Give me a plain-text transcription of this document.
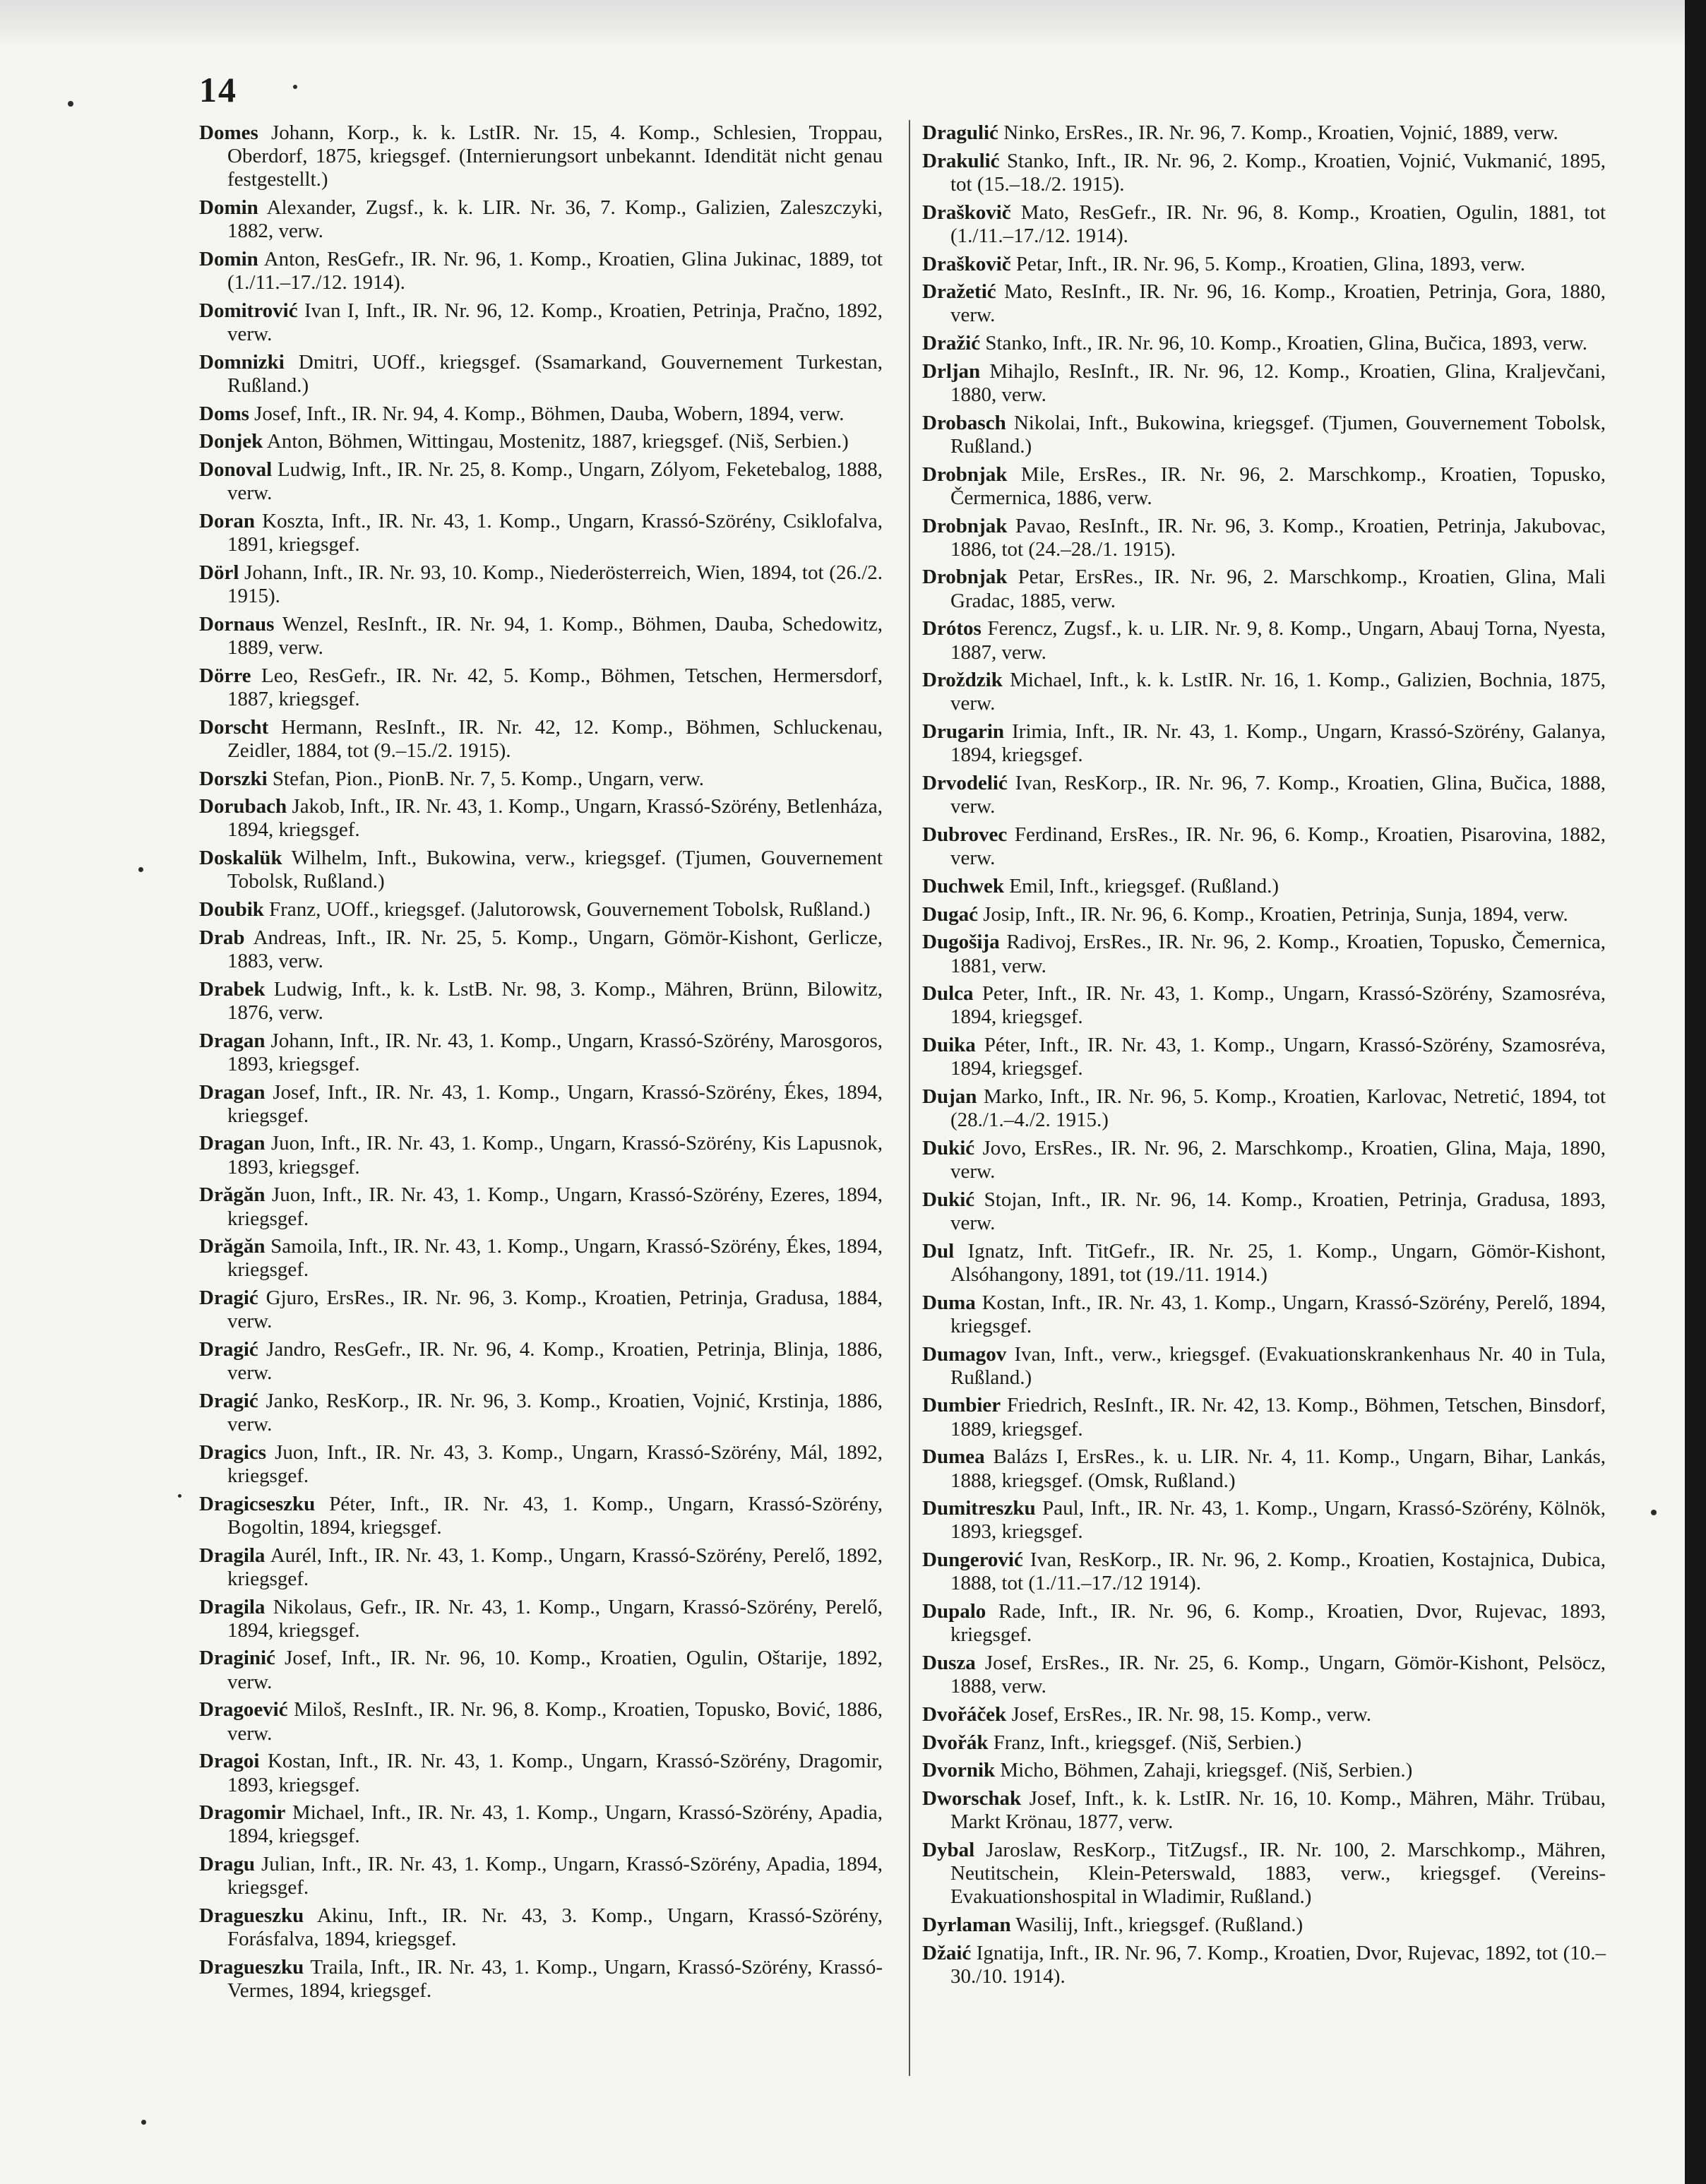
14
Domes Johann, Korp., k. k. LstIR. Nr. 15, 4. Komp., Schlesien, Troppau, Oberdorf, 1875, kriegsgef. (Internierungsort unbekannt. Idendität nicht genau festgestellt.)
Domin Alexander, Zugsf., k. k. LIR. Nr. 36, 7. Komp., Galizien, Zaleszczyki, 1882, verw.
Domin Anton, ResGefr., IR. Nr. 96, 1. Komp., Kroatien, Glina Jukinac, 1889, tot (1./11.–17./12. 1914).
Domitrović Ivan I, Inft., IR. Nr. 96, 12. Komp., Kroatien, Petrinja, Pračno, 1892, verw.
Domnizki Dmitri, UOff., kriegsgef. (Ssamarkand, Gouvernement Turkestan, Rußland.)
Doms Josef, Inft., IR. Nr. 94, 4. Komp., Böhmen, Dauba, Wobern, 1894, verw.
Donjek Anton, Böhmen, Wittingau, Mostenitz, 1887, kriegsgef. (Niš, Serbien.)
Donoval Ludwig, Inft., IR. Nr. 25, 8. Komp., Ungarn, Zólyom, Feketebalog, 1888, verw.
Doran Koszta, Inft., IR. Nr. 43, 1. Komp., Ungarn, Krassó-Szörény, Csiklofalva, 1891, kriegsgef.
Dörl Johann, Inft., IR. Nr. 93, 10. Komp., Niederösterreich, Wien, 1894, tot (26./2. 1915).
Dornaus Wenzel, ResInft., IR. Nr. 94, 1. Komp., Böhmen, Dauba, Schedowitz, 1889, verw.
Dörre Leo, ResGefr., IR. Nr. 42, 5. Komp., Böhmen, Tetschen, Hermersdorf, 1887, kriegsgef.
Dorscht Hermann, ResInft., IR. Nr. 42, 12. Komp., Böhmen, Schluckenau, Zeidler, 1884, tot (9.–15./2. 1915).
Dorszki Stefan, Pion., PionB. Nr. 7, 5. Komp., Ungarn, verw.
Dorubach Jakob, Inft., IR. Nr. 43, 1. Komp., Ungarn, Krassó-Szörény, Betlenháza, 1894, kriegsgef.
Doskalük Wilhelm, Inft., Bukowina, verw., kriegsgef. (Tjumen, Gouvernement Tobolsk, Rußland.)
Doubik Franz, UOff., kriegsgef. (Jalutorowsk, Gouvernement Tobolsk, Rußland.)
Drab Andreas, Inft., IR. Nr. 25, 5. Komp., Ungarn, Gömör-Kishont, Gerlicze, 1883, verw.
Drabek Ludwig, Inft., k. k. LstB. Nr. 98, 3. Komp., Mähren, Brünn, Bilowitz, 1876, verw.
Dragan Johann, Inft., IR. Nr. 43, 1. Komp., Ungarn, Krassó-Szörény, Marosgoros, 1893, kriegsgef.
Dragan Josef, Inft., IR. Nr. 43, 1. Komp., Ungarn, Krassó-Szörény, Ékes, 1894, kriegsgef.
Dragan Juon, Inft., IR. Nr. 43, 1. Komp., Ungarn, Krassó-Szörény, Kis Lapusnok, 1893, kriegsgef.
Drăgăn Juon, Inft., IR. Nr. 43, 1. Komp., Ungarn, Krassó-Szörény, Ezeres, 1894, kriegsgef.
Drăgăn Samoila, Inft., IR. Nr. 43, 1. Komp., Ungarn, Krassó-Szörény, Ékes, 1894, kriegsgef.
Dragić Gjuro, ErsRes., IR. Nr. 96, 3. Komp., Kroatien, Petrinja, Gradusa, 1884, verw.
Dragić Jandro, ResGefr., IR. Nr. 96, 4. Komp., Kroatien, Petrinja, Blinja, 1886, verw.
Dragić Janko, ResKorp., IR. Nr. 96, 3. Komp., Kroatien, Vojnić, Krstinja, 1886, verw.
Dragics Juon, Inft., IR. Nr. 43, 3. Komp., Ungarn, Krassó-Szörény, Mál, 1892, kriegsgef.
Dragicseszku Péter, Inft., IR. Nr. 43, 1. Komp., Ungarn, Krassó-Szörény, Bogoltin, 1894, kriegsgef.
Dragila Aurél, Inft., IR. Nr. 43, 1. Komp., Ungarn, Krassó-Szörény, Perelő, 1892, kriegsgef.
Dragila Nikolaus, Gefr., IR. Nr. 43, 1. Komp., Ungarn, Krassó-Szörény, Perelő, 1894, kriegsgef.
Draginić Josef, Inft., IR. Nr. 96, 10. Komp., Kroatien, Ogulin, Oštarije, 1892, verw.
Dragoević Miloš, ResInft., IR. Nr. 96, 8. Komp., Kroatien, Topusko, Bović, 1886, verw.
Dragoi Kostan, Inft., IR. Nr. 43, 1. Komp., Ungarn, Krassó-Szörény, Dragomir, 1893, kriegsgef.
Dragomir Michael, Inft., IR. Nr. 43, 1. Komp., Ungarn, Krassó-Szörény, Apadia, 1894, kriegsgef.
Dragu Julian, Inft., IR. Nr. 43, 1. Komp., Ungarn, Krassó-Szörény, Apadia, 1894, kriegsgef.
Dragueszku Akinu, Inft., IR. Nr. 43, 3. Komp., Ungarn, Krassó-Szörény, Forásfalva, 1894, kriegsgef.
Dragueszku Traila, Inft., IR. Nr. 43, 1. Komp., Ungarn, Krassó-Szörény, Krassó-Vermes, 1894, kriegsgef.
Dragulić Ninko, ErsRes., IR. Nr. 96, 7. Komp., Kroatien, Vojnić, 1889, verw.
Drakulić Stanko, Inft., IR. Nr. 96, 2. Komp., Kroatien, Vojnić, Vukmanić, 1895, tot (15.–18./2. 1915).
Draškovič Mato, ResGefr., IR. Nr. 96, 8. Komp., Kroatien, Ogulin, 1881, tot (1./11.–17./12. 1914).
Draškovič Petar, Inft., IR. Nr. 96, 5. Komp., Kroatien, Glina, 1893, verw.
Dražetić Mato, ResInft., IR. Nr. 96, 16. Komp., Kroatien, Petrinja, Gora, 1880, verw.
Dražić Stanko, Inft., IR. Nr. 96, 10. Komp., Kroatien, Glina, Bučica, 1893, verw.
Drljan Mihajlo, ResInft., IR. Nr. 96, 12. Komp., Kroatien, Glina, Kraljevčani, 1880, verw.
Drobasch Nikolai, Inft., Bukowina, kriegsgef. (Tjumen, Gouvernement Tobolsk, Rußland.)
Drobnjak Mile, ErsRes., IR. Nr. 96, 2. Marschkomp., Kroatien, Topusko, Čermernica, 1886, verw.
Drobnjak Pavao, ResInft., IR. Nr. 96, 3. Komp., Kroatien, Petrinja, Jakubovac, 1886, tot (24.–28./1. 1915).
Drobnjak Petar, ErsRes., IR. Nr. 96, 2. Marschkomp., Kroatien, Glina, Mali Gradac, 1885, verw.
Drótos Ferencz, Zugsf., k. u. LIR. Nr. 9, 8. Komp., Ungarn, Abauj Torna, Nyesta, 1887, verw.
Droždzik Michael, Inft., k. k. LstIR. Nr. 16, 1. Komp., Galizien, Bochnia, 1875, verw.
Drugarin Irimia, Inft., IR. Nr. 43, 1. Komp., Ungarn, Krassó-Szörény, Galanya, 1894, kriegsgef.
Drvodelić Ivan, ResKorp., IR. Nr. 96, 7. Komp., Kroatien, Glina, Bučica, 1888, verw.
Dubrovec Ferdinand, ErsRes., IR. Nr. 96, 6. Komp., Kroatien, Pisarovina, 1882, verw.
Duchwek Emil, Inft., kriegsgef. (Rußland.)
Dugać Josip, Inft., IR. Nr. 96, 6. Komp., Kroatien, Petrinja, Sunja, 1894, verw.
Dugošija Radivoj, ErsRes., IR. Nr. 96, 2. Komp., Kroatien, Topusko, Čemernica, 1881, verw.
Dulca Peter, Inft., IR. Nr. 43, 1. Komp., Ungarn, Krassó-Szörény, Szamosréva, 1894, kriegsgef.
Duika Péter, Inft., IR. Nr. 43, 1. Komp., Ungarn, Krassó-Szörény, Szamosréva, 1894, kriegsgef.
Dujan Marko, Inft., IR. Nr. 96, 5. Komp., Kroatien, Karlovac, Netretić, 1894, tot (28./1.–4./2. 1915.)
Dukić Jovo, ErsRes., IR. Nr. 96, 2. Marschkomp., Kroatien, Glina, Maja, 1890, verw.
Dukić Stojan, Inft., IR. Nr. 96, 14. Komp., Kroatien, Petrinja, Gradusa, 1893, verw.
Dul Ignatz, Inft. TitGefr., IR. Nr. 25, 1. Komp., Ungarn, Gömör-Kishont, Alsóhangony, 1891, tot (19./11. 1914.)
Duma Kostan, Inft., IR. Nr. 43, 1. Komp., Ungarn, Krassó-Szörény, Perelő, 1894, kriegsgef.
Dumagov Ivan, Inft., verw., kriegsgef. (Evakuationskrankenhaus Nr. 40 in Tula, Rußland.)
Dumbier Friedrich, ResInft., IR. Nr. 42, 13. Komp., Böhmen, Tetschen, Binsdorf, 1889, kriegsgef.
Dumea Balázs I, ErsRes., k. u. LIR. Nr. 4, 11. Komp., Ungarn, Bihar, Lankás, 1888, kriegsgef. (Omsk, Rußland.)
Dumitreszku Paul, Inft., IR. Nr. 43, 1. Komp., Ungarn, Krassó-Szörény, Kölnök, 1893, kriegsgef.
Dungerović Ivan, ResKorp., IR. Nr. 96, 2. Komp., Kroatien, Kostajnica, Dubica, 1888, tot (1./11.–17./12 1914).
Dupalo Rade, Inft., IR. Nr. 96, 6. Komp., Kroatien, Dvor, Rujevac, 1893, kriegsgef.
Dusza Josef, ErsRes., IR. Nr. 25, 6. Komp., Ungarn, Gömör-Kishont, Pelsöcz, 1888, verw.
Dvořáček Josef, ErsRes., IR. Nr. 98, 15. Komp., verw.
Dvořák Franz, Inft., kriegsgef. (Niš, Serbien.)
Dvornik Micho, Böhmen, Zahaji, kriegsgef. (Niš, Serbien.)
Dworschak Josef, Inft., k. k. LstIR. Nr. 16, 10. Komp., Mähren, Mähr. Trübau, Markt Krönau, 1877, verw.
Dybal Jaroslaw, ResKorp., TitZugsf., IR. Nr. 100, 2. Marschkomp., Mähren, Neutitschein, Klein-Peterswald, 1883, verw., kriegsgef. (Vereins-Evakuationshospital in Wladimir, Rußland.)
Dyrlaman Wasilij, Inft., kriegsgef. (Rußland.)
Džaić Ignatija, Inft., IR. Nr. 96, 7. Komp., Kroatien, Dvor, Rujevac, 1892, tot (10.–30./10. 1914).
